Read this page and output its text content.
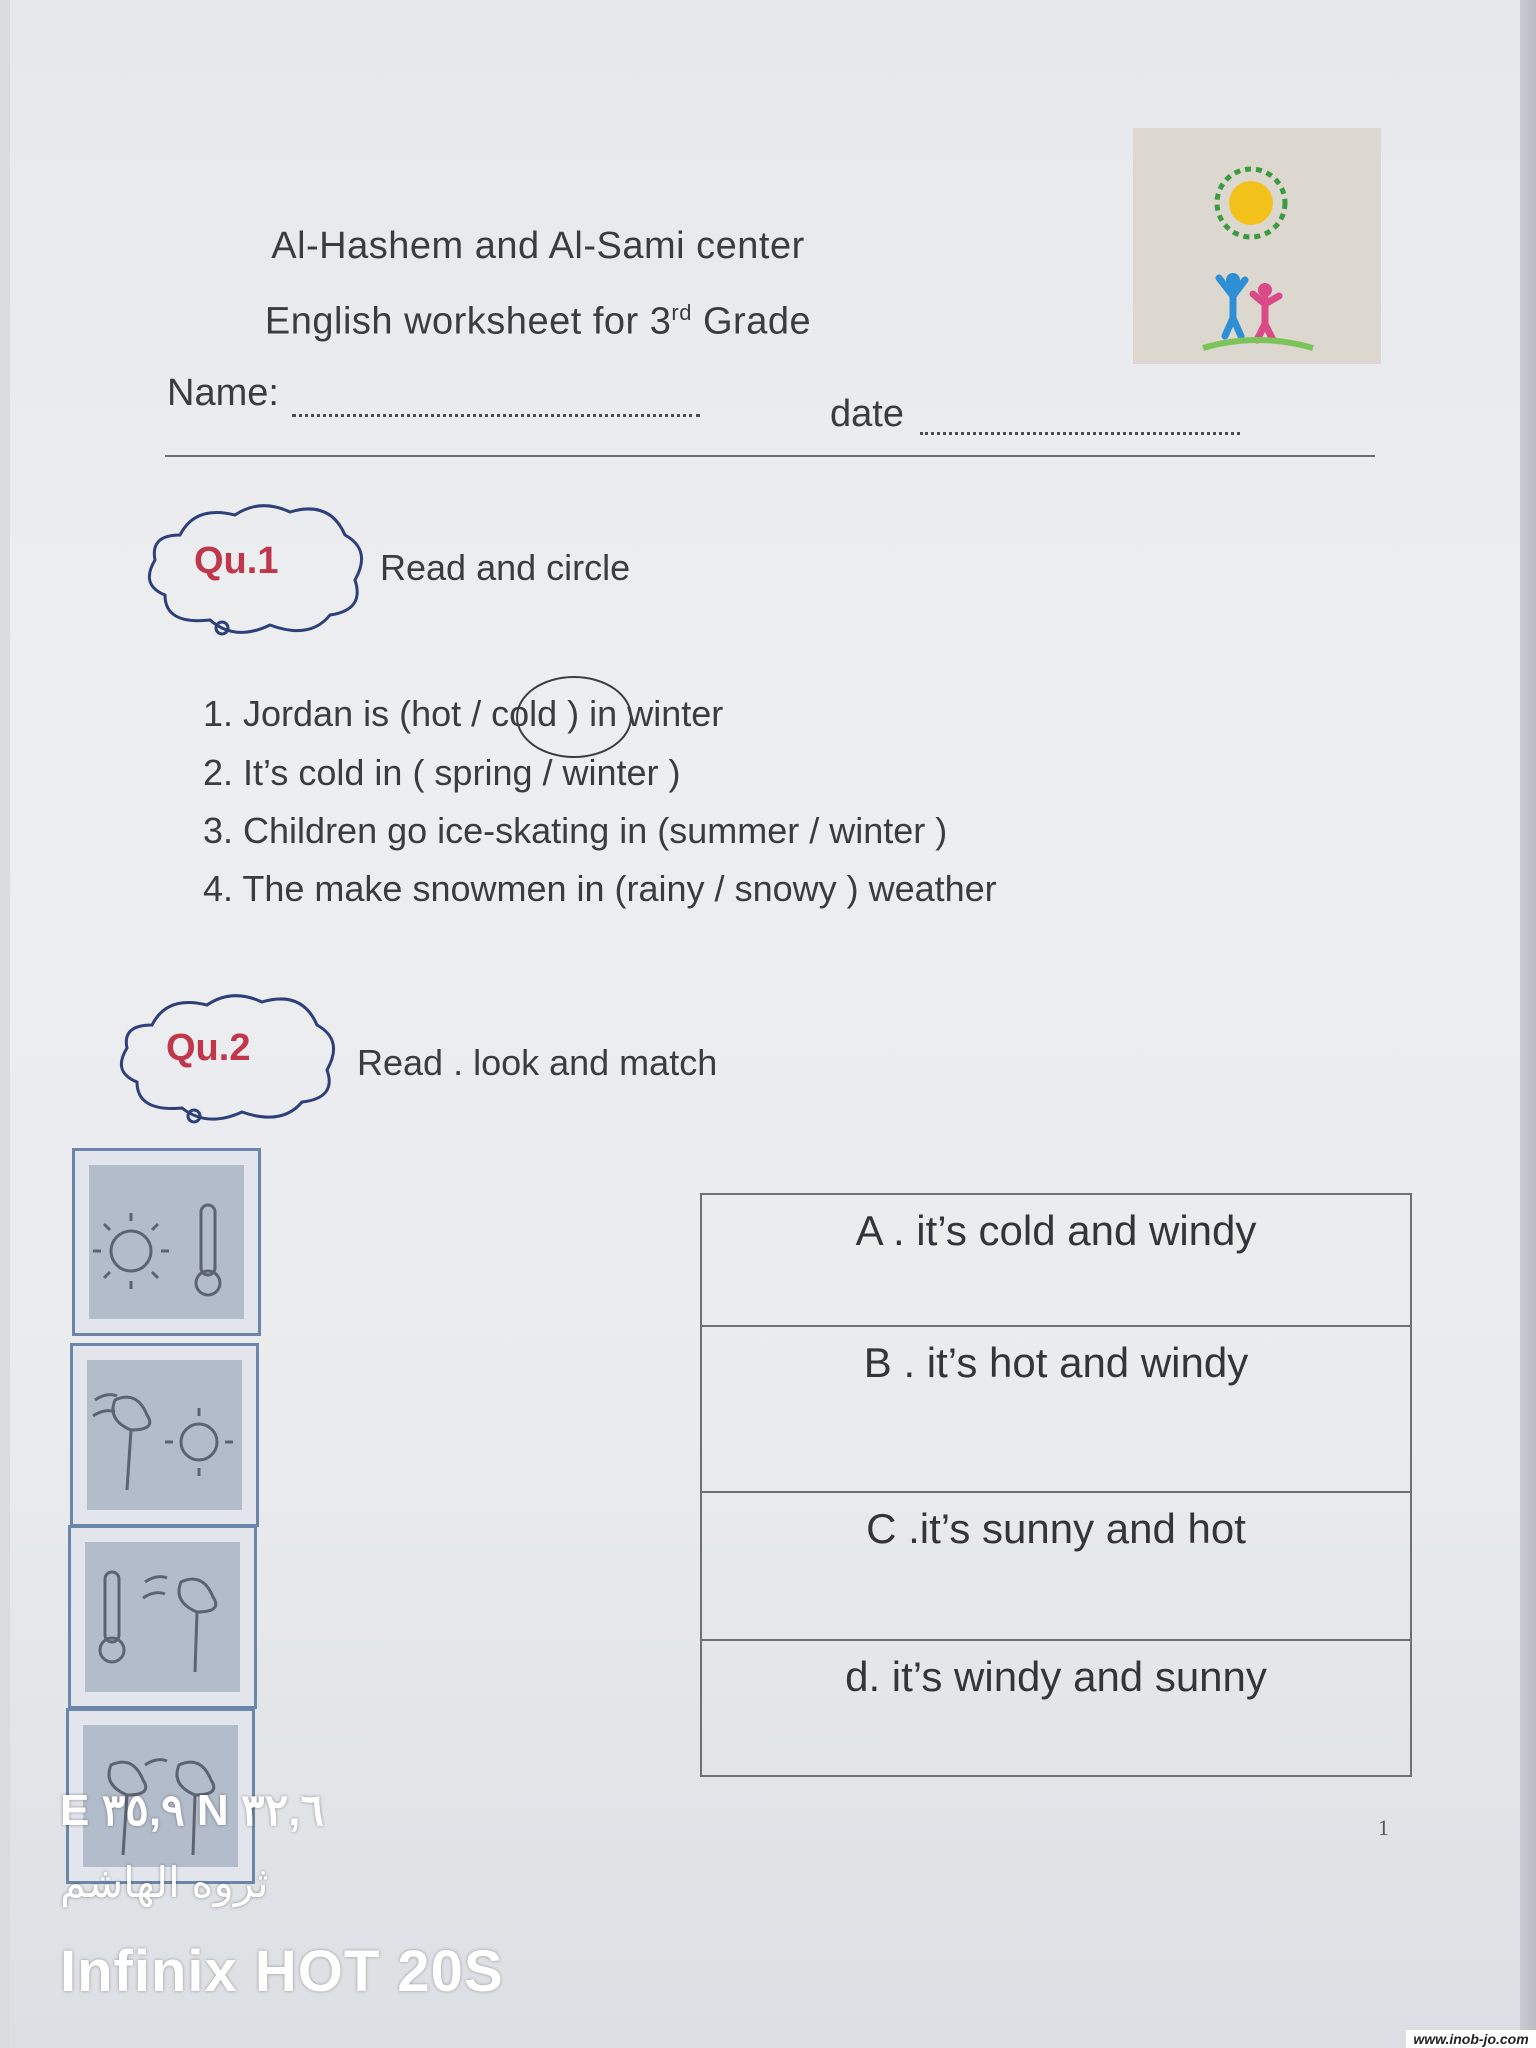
Al-Hashem and Al-Sami center
English worksheet for 3rd Grade
Name:	date
Qu.1	Read and circle
1. Jordan is (hot / cold ) in winter
2. It’s cold in ( spring / winter )
3. Children go ice-skating in (summer / winter )
4. The make snowmen in (rainy / snowy ) weather
Qu.2	Read . look and match
A . it’s cold and windy
B . it’s hot and windy
C .it’s sunny and hot
d. it’s windy and sunny
1
E ٣٥,٩ N ٣٢,٦
ثروه الهاشم
Infinix HOT 20S
www.inob-jo.com
